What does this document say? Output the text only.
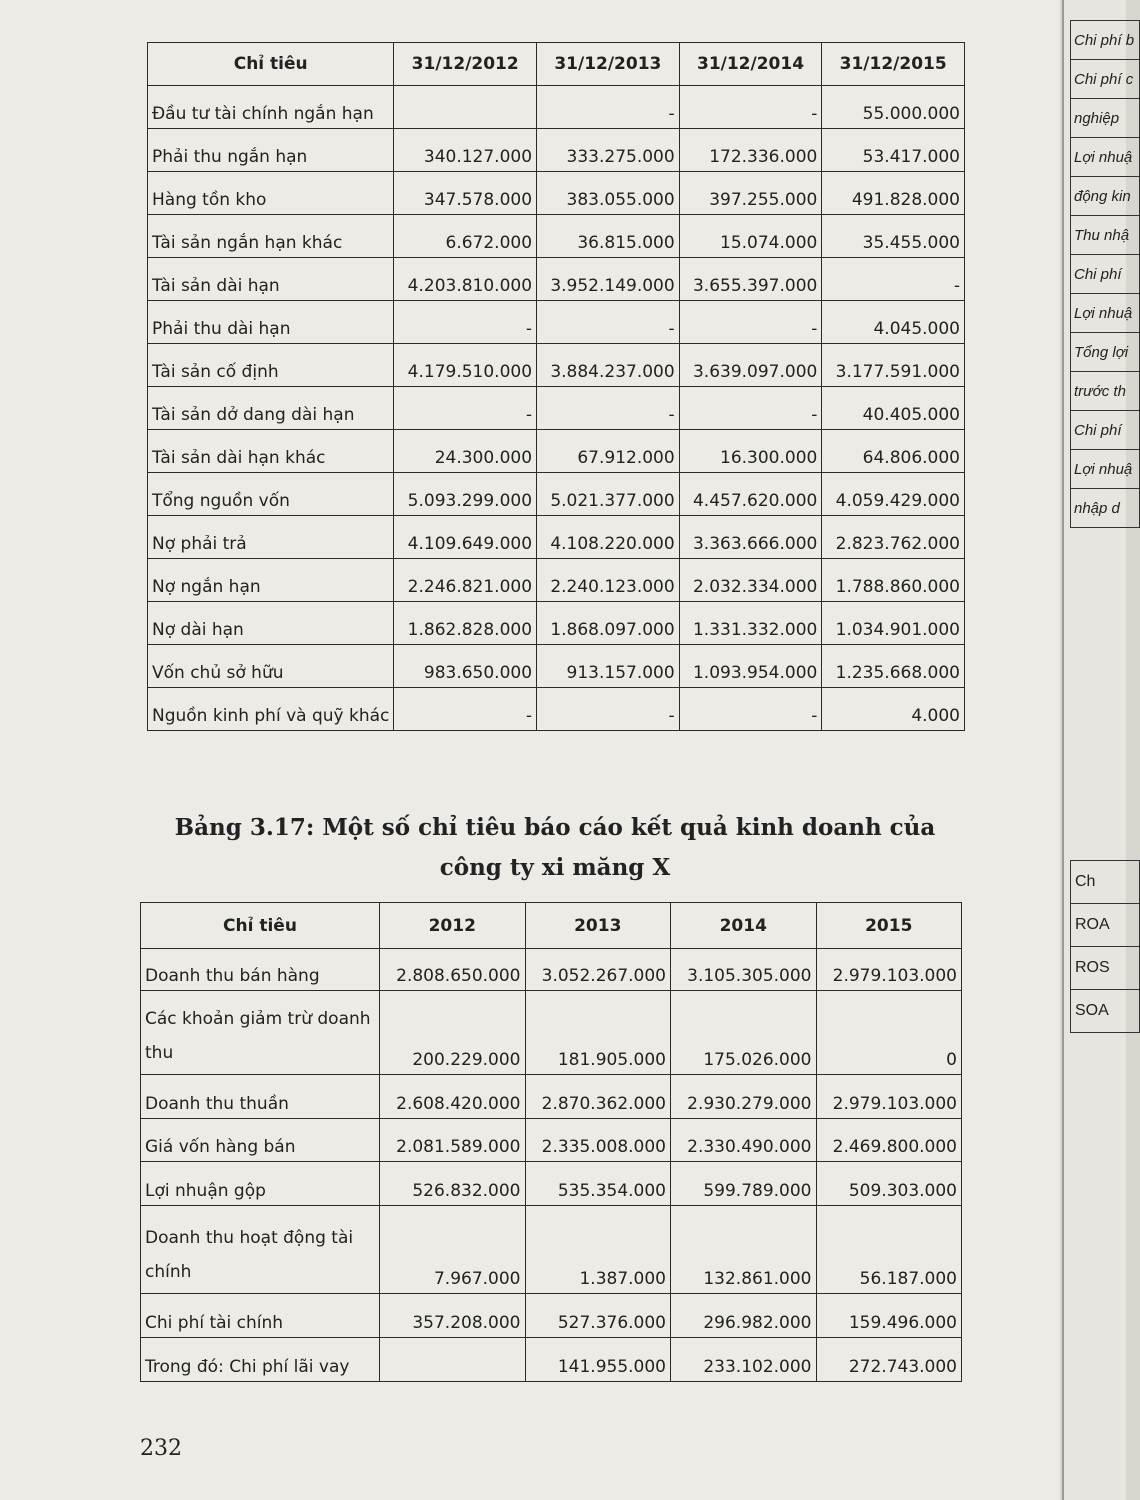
Chỉ tiêu	31/12/2012	31/12/2013	31/12/2014	31/12/2015
Đầu tư tài chính ngắn hạn		-	-	55.000.000
Phải thu ngắn hạn	340.127.000	333.275.000	172.336.000	53.417.000
Hàng tồn kho	347.578.000	383.055.000	397.255.000	491.828.000
Tài sản ngắn hạn khác	6.672.000	36.815.000	15.074.000	35.455.000
Tài sản dài hạn	4.203.810.000	3.952.149.000	3.655.397.000	-
Phải thu dài hạn	-	-	-	4.045.000
Tài sản cố định	4.179.510.000	3.884.237.000	3.639.097.000	3.177.591.000
Tài sản dở dang dài hạn	-	-	-	40.405.000
Tài sản dài hạn khác	24.300.000	67.912.000	16.300.000	64.806.000
Tổng nguồn vốn	5.093.299.000	5.021.377.000	4.457.620.000	4.059.429.000
Nợ phải trả	4.109.649.000	4.108.220.000	3.363.666.000	2.823.762.000
Nợ ngắn hạn	2.246.821.000	2.240.123.000	2.032.334.000	1.788.860.000
Nợ dài hạn	1.862.828.000	1.868.097.000	1.331.332.000	1.034.901.000
Vốn chủ sở hữu	983.650.000	913.157.000	1.093.954.000	1.235.668.000
Nguồn kinh phí và quỹ khác	-	-	-	4.000
Bảng 3.17: Một số chỉ tiêu báo cáo kết quả kinh doanh của
công ty xi măng X
Chỉ tiêu	2012	2013	2014	2015
Doanh thu bán hàng	2.808.650.000	3.052.267.000	3.105.305.000	2.979.103.000
Các khoản giảm trừ doanh thu	200.229.000	181.905.000	175.026.000	0
Doanh thu thuần	2.608.420.000	2.870.362.000	2.930.279.000	2.979.103.000
Giá vốn hàng bán	2.081.589.000	2.335.008.000	2.330.490.000	2.469.800.000
Lợi nhuận gộp	526.832.000	535.354.000	599.789.000	509.303.000
Doanh thu hoạt động tài chính	7.967.000	1.387.000	132.861.000	56.187.000
Chi phí tài chính	357.208.000	527.376.000	296.982.000	159.496.000
Trong đó: Chi phí lãi vay		141.955.000	233.102.000	272.743.000
232
Chi phí b
Chi phí c
nghiệp
Lợi nhuậ
động kin
Thu nhậ
Chi phí
Lợi nhuậ
Tổng lợi
trước th
Chi phí
Lợi nhuậ
nhập d
Ch
ROA
ROS
SOA
